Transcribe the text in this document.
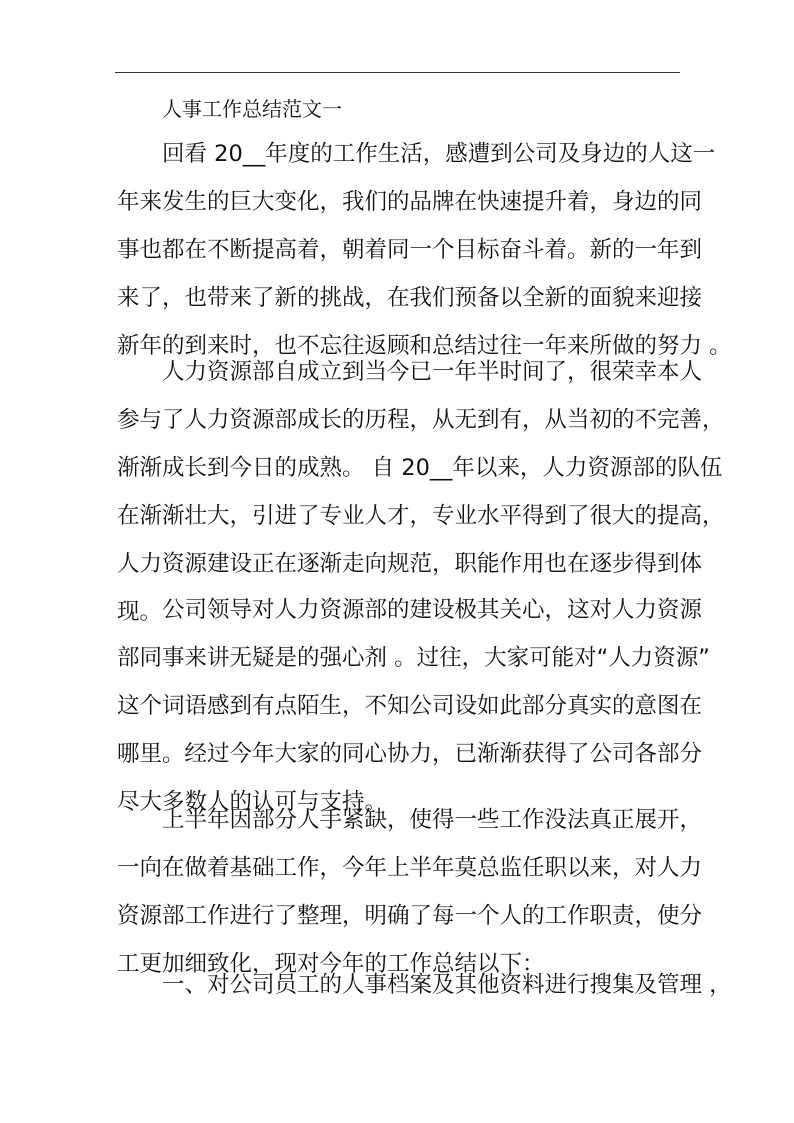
人事工作总结范文一
回看 20__年度的工作生活，感遭到公司及身边的人这一
年来发生的巨大变化，我们的品牌在快速提升着，身边的同
事也都在不断提高着，朝着同一个目标奋斗着。新的一年到
来了，也带来了新的挑战，在我们预备以全新的面貌来迎接
新年的到来时，也不忘往返顾和总结过往一年来所做的努力 。
人力资源部自成立到当今已一年半时间了，很荣幸本人
参与了人力资源部成长的历程，从无到有，从当初的不完善，
渐渐成长到今日的成熟。 自 20__年以来，人力资源部的队伍
在渐渐壮大，引进了专业人才，专业水平得到了很大的提高，
人力资源建设正在逐渐走向规范，职能作用也在逐步得到体
现。 公司领导对人力资源部的建设极其关心，这对人力资源
部同事来讲无疑是的强心剂 。过往，大家可能对“人力资源”
这个词语感到有点陌生，不知公司设如此部分真实的意图在
哪里。经过今年大家的同心协力，已渐渐获得了公司各部分
尽大多数人的认可与支持。
上半年因部分人手紧缺，使得一些工作没法真正展开，
一向在做着基础工作，今年上半年莫总监任职以来，对人力
资源部工作进行了整理，明确了每一个人的工作职责，使分
工更加细致化，现对今年的工作总结以下：
一、对公司员工的人事档案及其他资料进行搜集及管理 ，
